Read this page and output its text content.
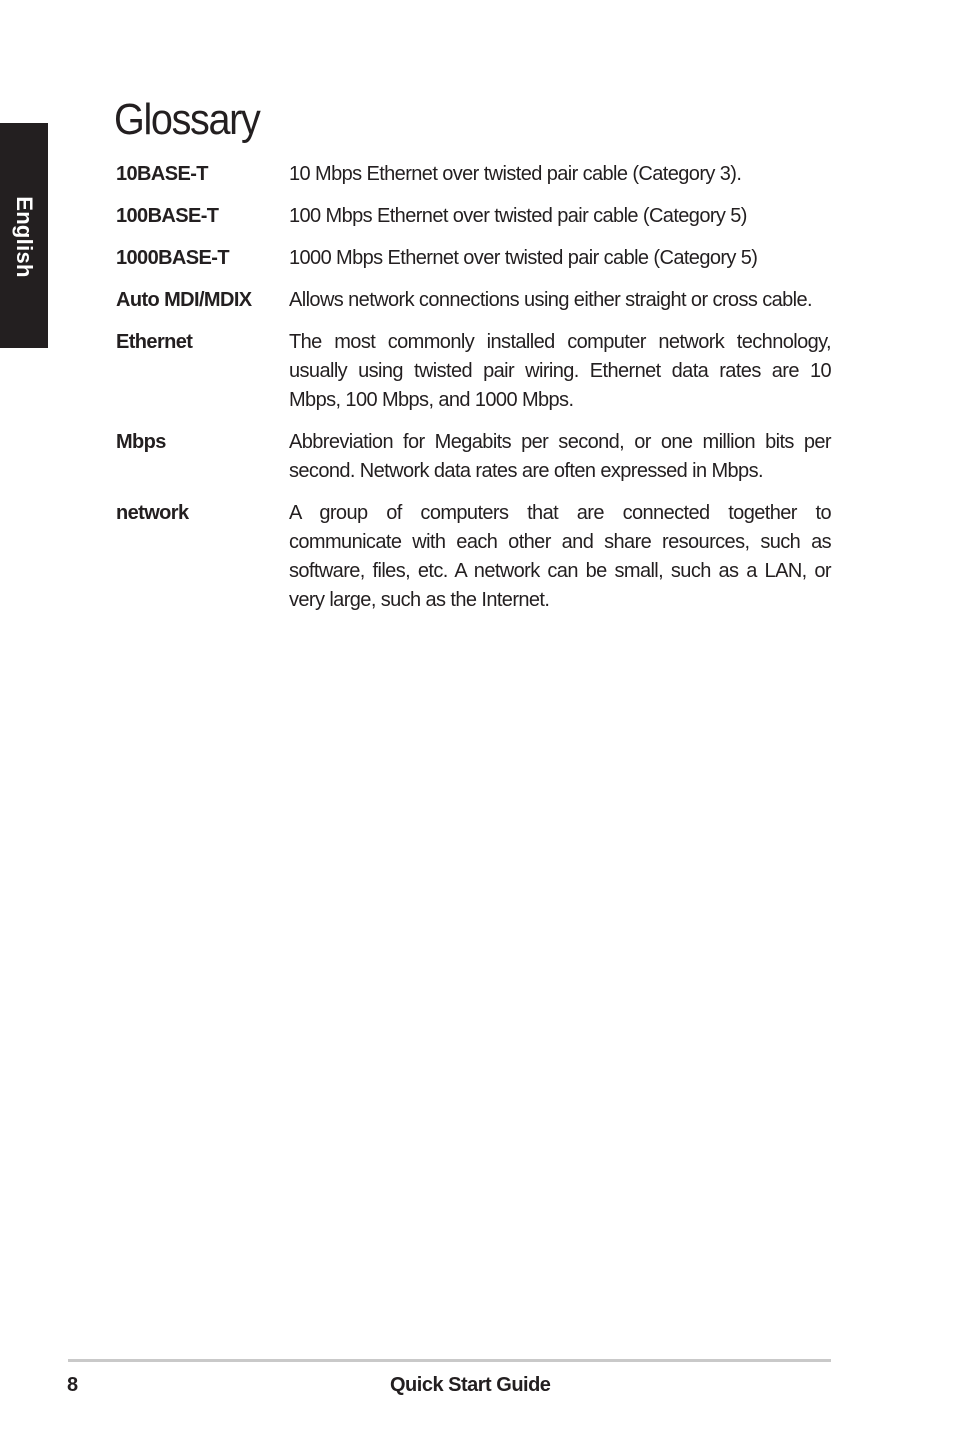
English
Glossary
10BASE-T	10 Mbps Ethernet over twisted pair cable (Category 3).
100BASE-T	100 Mbps Ethernet over twisted pair cable (Category 5)
1000BASE-T	1000 Mbps Ethernet over twisted pair cable (Category 5)
Auto MDI/MDIX	Allows network connections using either straight or cross cable.
Ethernet	The most commonly installed computer network technology, usually using twisted pair wiring. Ethernet data rates are 10 Mbps, 100 Mbps, and 1000 Mbps.
Mbps	Abbreviation for Megabits per second, or one million bits per second. Network data rates are often expressed in Mbps.
network	A group of computers that are connected together to communicate with each other and share resources, such as software, files, etc. A network can be small, such as a LAN, or very large, such as the Internet.
8	Quick Start Guide
